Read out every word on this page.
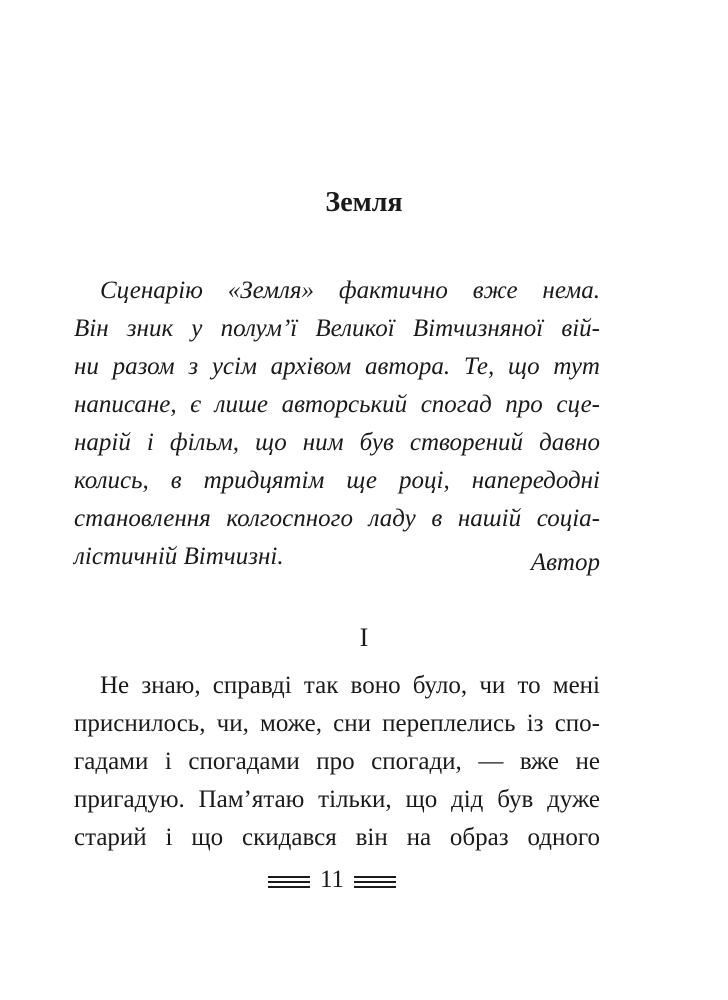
Земля
Сценарію «Земля» фактично вже нема.
Він зник у полум’ї Великої Вітчизняної вій-
ни разом з усім архівом автора. Те, що тут
написане, є лише авторський спогад про сце-
нарій і фільм, що ним був створений давно
колись, в тридцятім ще році, напередодні
становлення колгоспного ладу в нашій соціа-
лістичній Вітчизні.	Автор
I
Не знаю, справді так воно було, чи то мені
приснилось, чи, може, сни переплелись із спо-
гадами і спогадами про спогади, — вже не
пригадую. Пам’ятаю тільки, що дід був дуже
старий і що скидався він на образ одного
11
